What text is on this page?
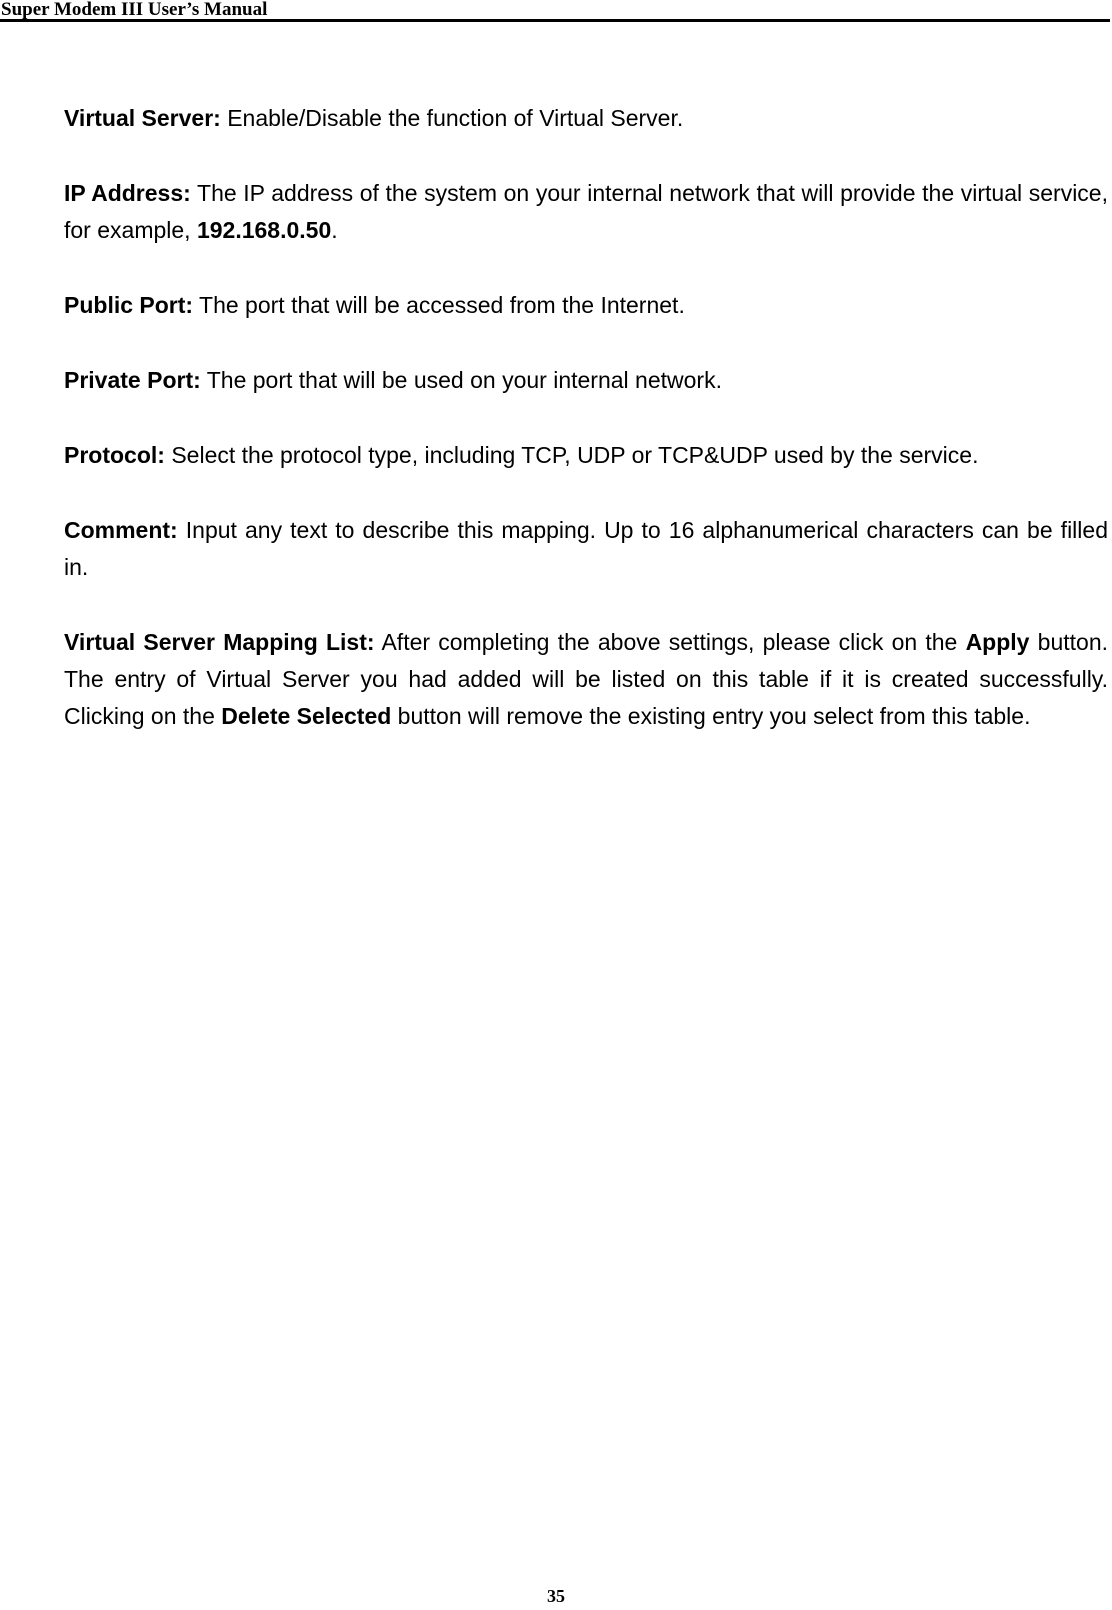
Super Modem III User’s Manual

Virtual Server: Enable/Disable the function of Virtual Server.

IP Address: The IP address of the system on your internal network that will provide the virtual service, for example, 192.168.0.50.

Public Port: The port that will be accessed from the Internet.

Private Port: The port that will be used on your internal network.

Protocol: Select the protocol type, including TCP, UDP or TCP&UDP used by the service.

Comment: Input any text to describe this mapping. Up to 16 alphanumerical characters can be filled in.

Virtual Server Mapping List: After completing the above settings, please click on the Apply button. The entry of Virtual Server you had added will be listed on this table if it is created successfully. Clicking on the Delete Selected button will remove the existing entry you select from this table.

35
